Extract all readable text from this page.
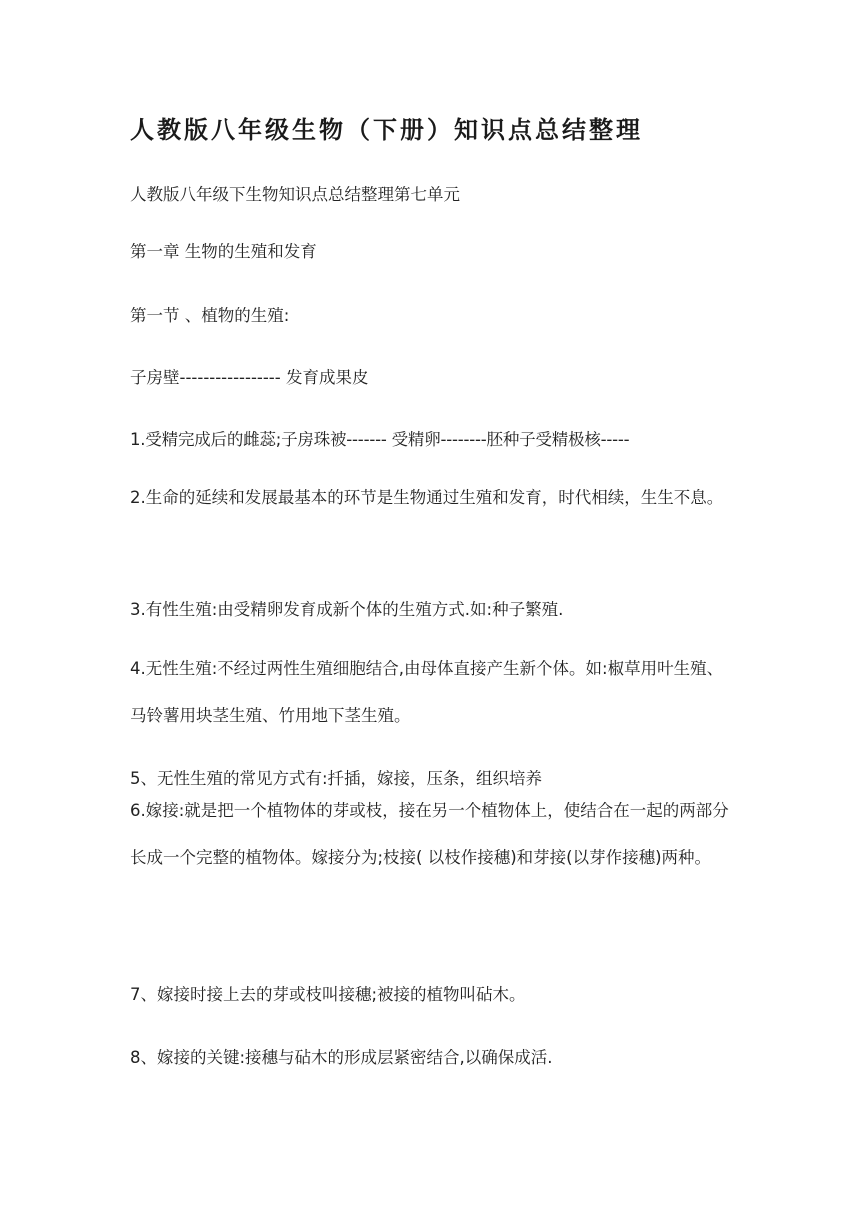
人教版八年级生物（下册）知识点总结整理
人教版八年级下生物知识点总结整理第七单元
第一章 生物的生殖和发育
第一节 、植物的生殖:
子房壁----------------- 发育成果皮
1.受精完成后的雌蕊;子房珠被------- 受精卵--------胚种子受精极核-----
2.生命的延续和发展最基本的环节是生物通过生殖和发育，时代相续，生生不息。
3.有性生殖:由受精卵发育成新个体的生殖方式.如:种子繁殖.
4.无性生殖:不经过两性生殖细胞结合,由母体直接产生新个体。如:椒草用叶生殖、马铃薯用块茎生殖、竹用地下茎生殖。
5、无性生殖的常见方式有:扦插，嫁接，压条，组织培养
6.嫁接:就是把一个植物体的芽或枝，接在另一个植物体上，使结合在一起的两部分长成一个完整的植物体。嫁接分为;枝接( 以枝作接穗)和芽接(以芽作接穗)两种。
7、嫁接时接上去的芽或枝叫接穗;被接的植物叫砧木。
8、嫁接的关键:接穗与砧木的形成层紧密结合,以确保成活.
